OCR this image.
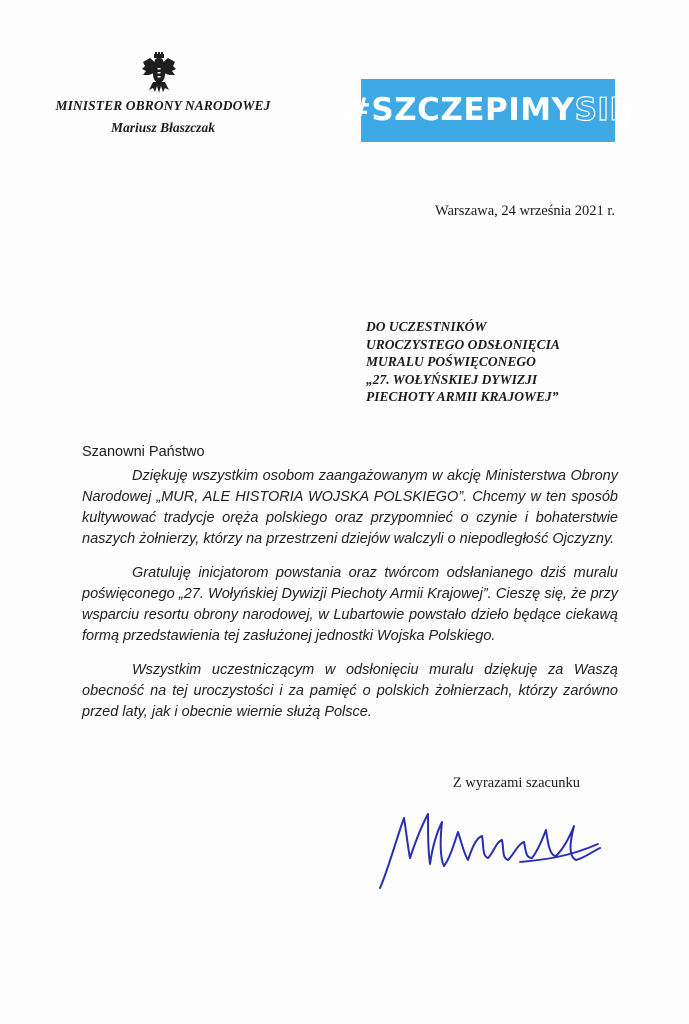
MINISTER OBRONY NARODOWEJ
Mariusz Błaszczak	#SZCZEPIMY SIĘ
Warszawa, 24 września 2021 r.
DO UCZESTNIKÓW
UROCZYSTEGO ODSŁONIĘCIA
MURALU POŚWIĘCONEGO
„27. WOŁYŃSKIEJ DYWIZJI
PIECHOTY ARMII KRAJOWEJ”
Szanowni Państwo

Dziękuję wszystkim osobom zaangażowanym w akcję Ministerstwa Obrony Narodowej „MUR, ALE HISTORIA WOJSKA POLSKIEGO”. Chcemy w ten sposób kultywować tradycje oręża polskiego oraz przypomnieć o czynie i bohaterstwie naszych żołnierzy, którzy na przestrzeni dziejów walczyli o niepodległość Ojczyzny.

Gratuluję inicjatorom powstania oraz twórcom odsłanianego dziś muralu poświęconego „27. Wołyńskiej Dywizji Piechoty Armii Krajowej”. Cieszę się, że przy wsparciu resortu obrony narodowej, w Lubartowie powstało dzieło będące ciekawą formą przedstawienia tej zasłużonej jednostki Wojska Polskiego.

Wszystkim uczestniczącym w odsłonięciu muralu dziękuję za Waszą obecność na tej uroczystości i za pamięć o polskich żołnierzach, którzy zarówno przed laty, jak i obecnie wiernie służą Polsce.

Z wyrazami szacunku
